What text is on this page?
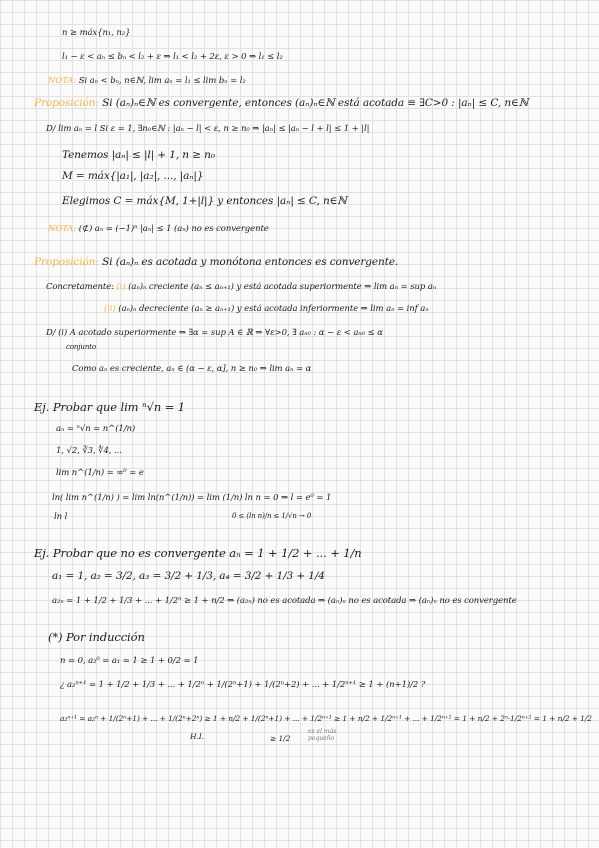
n ≥ máx{n₁, n₂}
l₁ − ε < aₙ ≤ bₙ < l₂ + ε ⇒ l₁ < l₂ + 2ε, ε > 0 ⇒ l₁ ≤ l₂
NOTA: Si aₙ < bₙ, n∈ℕ, lim aₙ = l₁ ≤ lim bₙ = l₂
Proposición: Si (aₙ)ₙ∈ℕ es convergente, entonces (aₙ)ₙ∈ℕ está acotada ≡ ∃C>0 : |aₙ| ≤ C, n∈ℕ
D/ lim aₙ = l Si ε = 1, ∃n₀∈ℕ : |aₙ − l| < ε, n ≥ n₀ ⇒ |aₙ| ≤ |aₙ − l + l| ≤ 1 + |l|
Tenemos |aₙ| ≤ |l| + 1, n ≥ n₀
M = máx{|a₁|, |a₂|, ..., |aₙ|}
Elegimos C = máx{M, 1+|l|} y entonces |aₙ| ≤ C, n∈ℕ
NOTA: (⊄) aₙ = (−1)ⁿ |aₙ| ≤ 1 (aₙ) no es convergente
Proposición: Si (aₙ)ₙ es acotada y monótona entonces es convergente.
Concretamente: (i) (aₙ)ₙ creciente (aₙ ≤ aₙ₊₁) y está acotada superiormente ⇒ lim aₙ = sup aₙ
(ii) (aₙ)ₙ decreciente (aₙ ≥ aₙ₊₁) y está acotada inferiormente ⇒ lim aₙ = inf aₙ
D/ (i) A acotado superiormente ⇒ ∃α = sup A ∈ ℝ ⇒ ∀ε>0, ∃ aₙ₀ : α − ε < aₙ₀ ≤ α
conjunto
Como aₙ es creciente, aₙ ∈ (α − ε, α], n ≥ n₀ ⇒ lim aₙ = α
Ej. Probar que lim ⁿ√n = 1
aₙ = ⁿ√n = n^(1/n)
1, √2, ∛3, ∜4, ...
lim n^(1/n) = ∞⁰ = e
ln( lim n^(1/n) ) = lim ln(n^(1/n)) = lim (1/n) ln n = 0 ⇒ l = e⁰ = 1
ln l	0 ≤ (ln n)/n ≤ 1/√n → 0
Ej. Probar que no es convergente aₙ = 1 + 1/2 + ... + 1/n
a₁ = 1, a₂ = 3/2, a₃ = 3/2 + 1/3, a₄ = 3/2 + 1/3 + 1/4
a₂ₙ = 1 + 1/2 + 1/3 + ... + 1/2ⁿ ≥ 1 + n/2 ⇒ (a₂ₙ) no es acotada ⇒ (aₙ)ₙ no es acotada ⇒ (aₙ)ₙ no es convergente
(*) Por inducción
n = 0, a₂⁰ = a₁ = 1 ≥ 1 + 0/2 = 1
¿ a₂ⁿ⁺¹ = 1 + 1/2 + 1/3 + ... + 1/2ⁿ + 1/(2ⁿ+1) + 1/(2ⁿ+2) + ... + 1/2ⁿ⁺¹ ≥ 1 + (n+1)/2 ?
a₂ⁿ⁺¹ = a₂ⁿ + 1/(2ⁿ+1) + ... + 1/(2ⁿ+2ⁿ) ≥ 1 + n/2 + 1/(2ⁿ+1) + ... + 1/2ⁿ⁺¹ ≥ 1 + n/2 + 1/2ⁿ⁺¹ + ... + 1/2ⁿ⁺¹ = 1 + n/2 + 2ⁿ·1/2ⁿ⁺¹ = 1 + n/2 + 1/2
H.I.	≥ 1/2
es el más pequeño
